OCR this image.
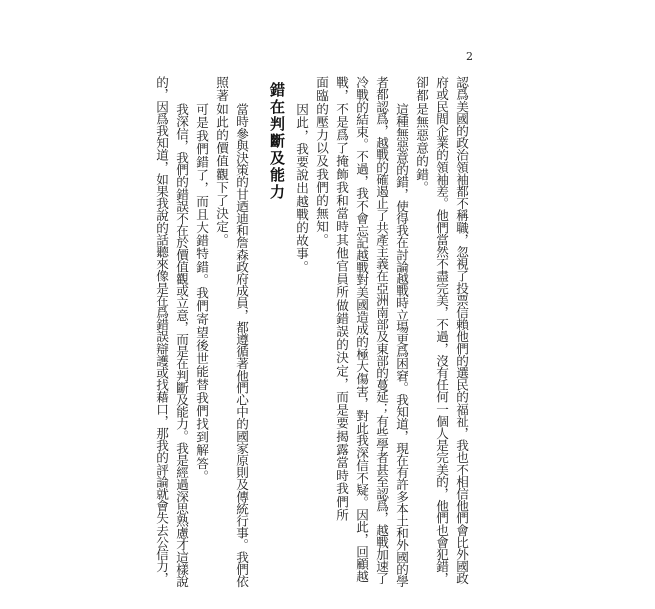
2
認爲美國的政治領袖都不稱職，忽視了投票信賴他們的選民的福祉，我也不相信他們會比外國政
府或民間企業的領袖差。他們當然不盡完美，不過，沒有任何一個人是完美的，他們也會犯錯，
卻都是無惡意的錯。
這種無惡意的錯，使得我在討論越戰時立場更爲困窘。我知道，現在有許多本土和外國的學
者都認爲，越戰的確遏止了共產主義在亞洲南部及東部的蔓延；有些學者甚至認爲，越戰加速了
冷戰的結束。不過，我不會忘記越戰對美國造成的極大傷害，對此我深信不疑。因此，回顧越
戰，不是爲了掩飾我和當時其他官員所做錯誤的決定，而是要揭露當時我們所
面臨的壓力以及我們的無知。
因此，我要說出越戰的故事。
錯在判斷及能力
當時參與決策的甘迺迪和詹森政府成員，都遵循著他們心中的國家原則及傳統行事。我們依
照著如此的價值觀下了決定。
可是我們錯了，而且大錯特錯。我們寄望後世能替我們找到解答。
我深信，我們的錯誤不在於價值觀或立意，而是在判斷及能力。我是經過深思熟慮才這樣說
的，因爲我知道，如果我說的話聽來像是在爲錯誤辯護或找藉口，那我的評論就會失去公信力，
